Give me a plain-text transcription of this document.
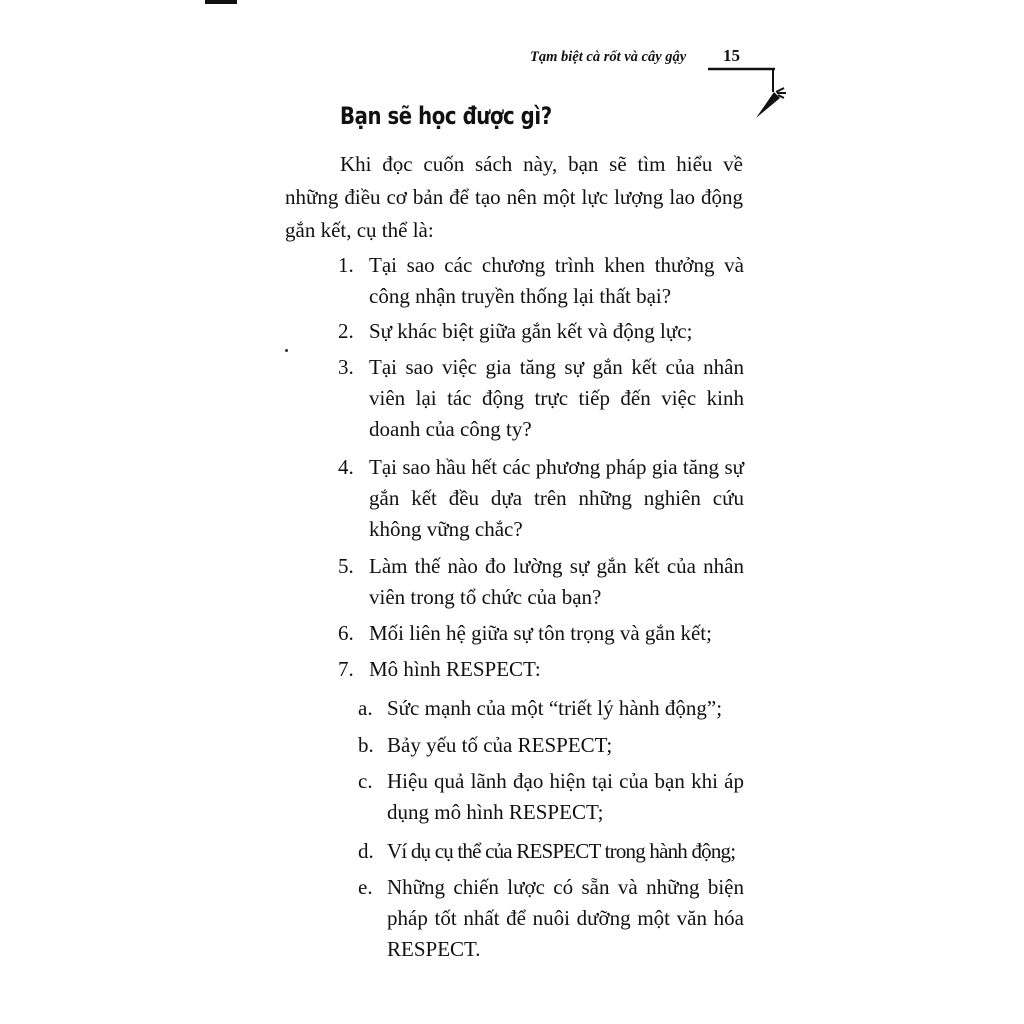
Tạm biệt cà rốt và cây gậy 15
Bạn sẽ học được gì?

Khi đọc cuốn sách này, bạn sẽ tìm hiểu về những điều cơ bản để tạo nên một lực lượng lao động gắn kết, cụ thể là:

1. Tại sao các chương trình khen thưởng và công nhận truyền thống lại thất bại?
2. Sự khác biệt giữa gắn kết và động lực;
3. Tại sao việc gia tăng sự gắn kết của nhân viên lại tác động trực tiếp đến việc kinh doanh của công ty?
4. Tại sao hầu hết các phương pháp gia tăng sự gắn kết đều dựa trên những nghiên cứu không vững chắc?
5. Làm thế nào đo lường sự gắn kết của nhân viên trong tổ chức của bạn?
6. Mối liên hệ giữa sự tôn trọng và gắn kết;
7. Mô hình RESPECT:
a. Sức mạnh của một “triết lý hành động”;
b. Bảy yếu tố của RESPECT;
c. Hiệu quả lãnh đạo hiện tại của bạn khi áp dụng mô hình RESPECT;
d. Ví dụ cụ thể của RESPECT trong hành động;
e. Những chiến lược có sẵn và những biện pháp tốt nhất để nuôi dưỡng một văn hóa RESPECT.
